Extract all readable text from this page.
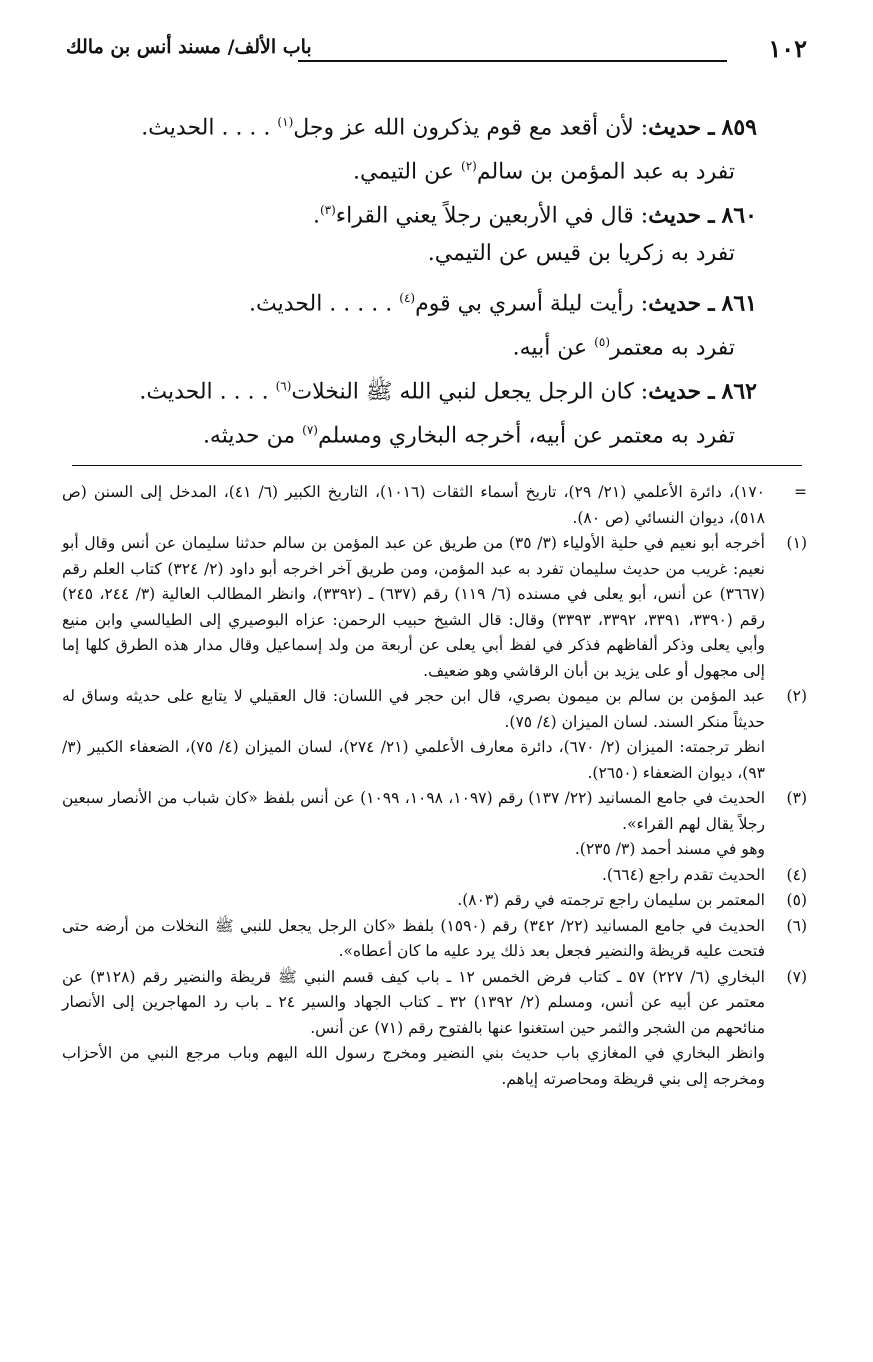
١٠٢
باب الألف/ مسند أنس بن مالك
٨٥٩ ـ حديث: لأن أقعد مع قوم يذكرون الله عز وجل$^{(١)}$ . . . . الحديث.
تفرد به عبد المؤمن بن سالم$^{(٢)}$ عن التيمي.
٨٦٠ ـ حديث: قال في الأربعين رجلاً يعني القراء$^{(٣)}$.
تفرد به زكريا بن قيس عن التيمي.
٨٦١ ـ حديث: رأيت ليلة أسري بي قوم$^{(٤)}$ . . . . . الحديث.
تفرد به معتمر$^{(٥)}$ عن أبيه.
٨٦٢ ـ حديث: كان الرجل يجعل لنبي الله ﷺ النخلات$^{(٦)}$ . . . . الحديث.
تفرد به معتمر عن أبيه، أخرجه البخاري ومسلم$^{(٧)}$ من حديثه.
=
١٧٠)، دائرة الأعلمي (٢١/ ٢٩)، تاريخ أسماء الثقات (١٠١٦)، التاريخ الكبير (٦/ ٤١)، المدخل إلى السنن (ص ٥١٨)، ديوان النسائي (ص ٨٠).
(١)
أخرجه أبو نعيم في حلية الأولياء (٣/ ٣٥) من طريق عن عبد المؤمن بن سالم حدثنا سليمان عن أنس وقال أبو نعيم: غريب من حديث سليمان تفرد به عبد المؤمن، ومن طريق آخر اخرجه أبو داود (٢/ ٣٢٤) كتاب العلم رقم (٣٦٦٧) عن أنس، أبو يعلى في مسنده (٦/ ١١٩) رقم (٦٣٧) ـ (٣٣٩٢)، وانظر المطالب العالية (٣/ ٢٤٤، ٢٤٥) رقم (٣٣٩٠، ٣٣٩١، ٣٣٩٢، ٣٣٩٣) وقال: قال الشيخ حبيب الرحمن: عزاه البوصيري إلى الطيالسي وابن منيع وأبي يعلى وذكر ألفاظهم فذكر في لفظ أبي يعلى عن أربعة من ولد إسماعيل وقال مدار هذه الطرق كلها إما إلى مجهول أو على يزيد بن أبان الرقاشي وهو ضعيف.
(٢)
عبد المؤمن بن سالم بن ميمون بصري، قال ابن حجر في اللسان: قال العقيلي لا يتابع على حديثه وساق له حديثاً منكر السند. لسان الميزان (٤/ ٧٥).
انظر ترجمته: الميزان (٢/ ٦٧٠)، دائرة معارف الأعلمي (٢١/ ٢٧٤)، لسان الميزان (٤/ ٧٥)، الضعفاء الكبير (٣/ ٩٣)، ديوان الضعفاء (٢٦٥٠).
(٣)
الحديث في جامع المسانيد (٢٢/ ١٣٧) رقم (١٠٩٧، ١٠٩٨، ١٠٩٩) عن أنس بلفظ «كان شباب من الأنصار سبعين رجلاً يقال لهم القراء».
وهو في مسند أحمد (٣/ ٢٣٥).
(٤)
الحديث تقدم راجع (٦٦٤).
(٥)
المعتمر بن سليمان راجع ترجمته في رقم (٨٠٣).
(٦)
الحديث في جامع المسانيد (٢٢/ ٣٤٢) رقم (١٥٩٠) بلفظ «كان الرجل يجعل للنبي ﷺ النخلات من أرضه حتى فتحت عليه قريظة والنضير فجعل بعد ذلك يرد عليه ما كان أعطاه».
(٧)
البخاري (٦/ ٢٢٧) ٥٧ ـ كتاب فرض الخمس ١٢ ـ باب كيف قسم النبي ﷺ قريظة والنضير رقم (٣١٢٨) عن معتمر عن أبيه عن أنس، ومسلم (٢/ ١٣٩٢) ٣٢ ـ كتاب الجهاد والسير ٢٤ ـ باب رد المهاجرين إلى الأنصار منائحهم من الشجر والثمر حين استغنوا عنها بالفتوح رقم (٧١) عن أنس.
وانظر البخاري في المغازي باب حديث بني النضير ومخرج رسول الله اليهم وباب مرجع النبي من الأحزاب ومخرجه إلى بني قريظة ومحاصرته إياهم.
